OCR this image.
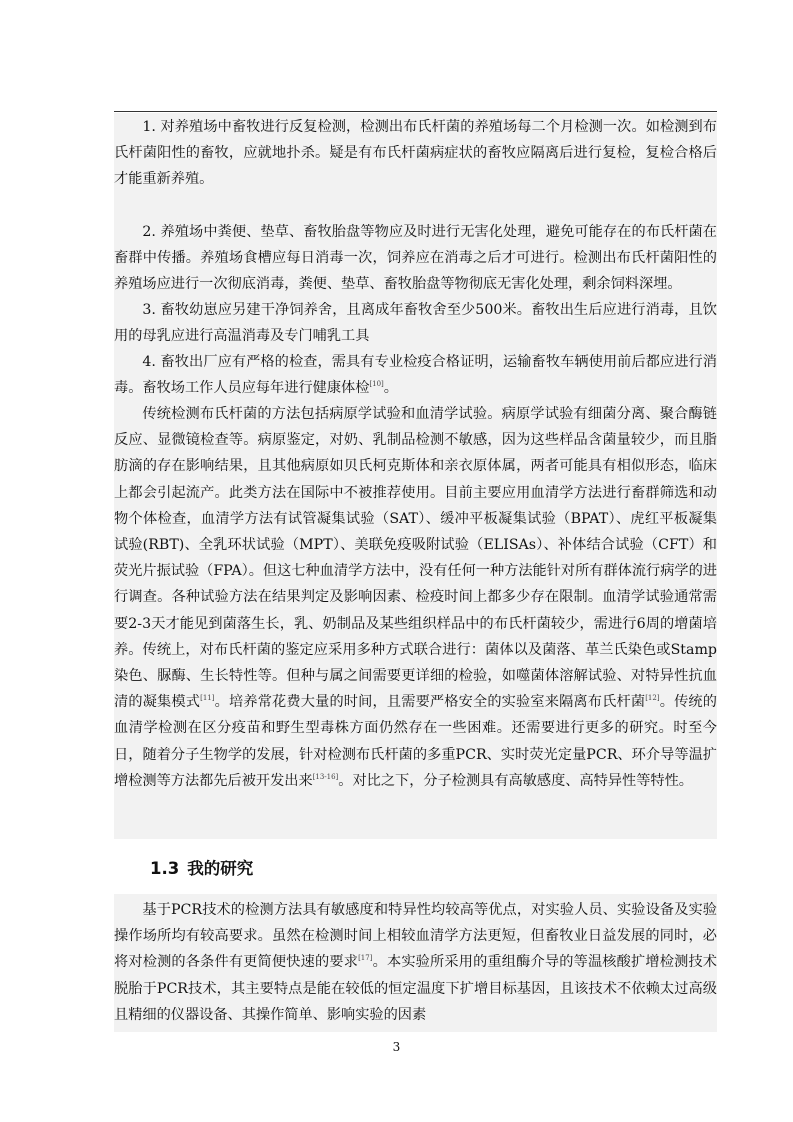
1. 对养殖场中畜牧进行反复检测，检测出布氏杆菌的养殖场每二个月检测一次。如检测到布氏杆菌阳性的畜牧，应就地扑杀。疑是有布氏杆菌病症状的畜牧应隔离后进行复检，复检合格后才能重新养殖。

2. 养殖场中粪便、垫草、畜牧胎盘等物应及时进行无害化处理，避免可能存在的布氏杆菌在畜群中传播。养殖场食槽应每日消毒一次，饲养应在消毒之后才可进行。检测出布氏杆菌阳性的养殖场应进行一次彻底消毒，粪便、垫草、畜牧胎盘等物彻底无害化处理，剩余饲料深埋。

3. 畜牧幼崽应另建干净饲养舍，且离成年畜牧舍至少500米。畜牧出生后应进行消毒，且饮用的母乳应进行高温消毒及专门哺乳工具

4. 畜牧出厂应有严格的检查，需具有专业检疫合格证明，运输畜牧车辆使用前后都应进行消毒。畜牧场工作人员应每年进行健康体检[10]。

传统检测布氏杆菌的方法包括病原学试验和血清学试验。病原学试验有细菌分离、聚合酶链反应、显微镜检查等。病原鉴定，对奶、乳制品检测不敏感，因为这些样品含菌量较少，而且脂肪滴的存在影响结果，且其他病原如贝氏柯克斯体和亲衣原体属，两者可能具有相似形态，临床上都会引起流产。此类方法在国际中不被推荐使用。目前主要应用血清学方法进行畜群筛选和动物个体检查，血清学方法有试管凝集试验（SAT）、缓冲平板凝集试验（BPAT）、虎红平板凝集试验(RBT)、全乳环状试验（MPT）、美联免疫吸附试验（ELISAs）、补体结合试验（CFT）和荧光片振试验（FPA）。但这七种血清学方法中，没有任何一种方法能针对所有群体流行病学的进行调查。各种试验方法在结果判定及影响因素、检疫时间上都多少存在限制。血清学试验通常需要2-3天才能见到菌落生长，乳、奶制品及某些组织样品中的布氏杆菌较少，需进行6周的增菌培养。传统上，对布氏杆菌的鉴定应采用多种方式联合进行：菌体以及菌落、革兰氏染色或Stamp染色、脲酶、生长特性等。但种与属之间需要更详细的检验，如噬菌体溶解试验、对特异性抗血清的凝集模式[11]。培养常花费大量的时间，且需要严格安全的实验室来隔离布氏杆菌[12]。传统的血清学检测在区分疫苗和野生型毒株方面仍然存在一些困难。还需要进行更多的研究。时至今日，随着分子生物学的发展，针对检测布氏杆菌的多重PCR、实时荧光定量PCR、环介导等温扩增检测等方法都先后被开发出来[13-16]。对比之下，分子检测具有高敏感度、高特异性等特性。

1.3 我的研究

基于PCR技术的检测方法具有敏感度和特异性均较高等优点，对实验人员、实验设备及实验操作场所均有较高要求。虽然在检测时间上相较血清学方法更短，但畜牧业日益发展的同时，必将对检测的各条件有更简便快速的要求[17]。本实验所采用的重组酶介导的等温核酸扩增检测技术脱胎于PCR技术，其主要特点是能在较低的恒定温度下扩增目标基因，且该技术不依赖太过高级且精细的仪器设备、其操作简单、影响实验的因素

3
